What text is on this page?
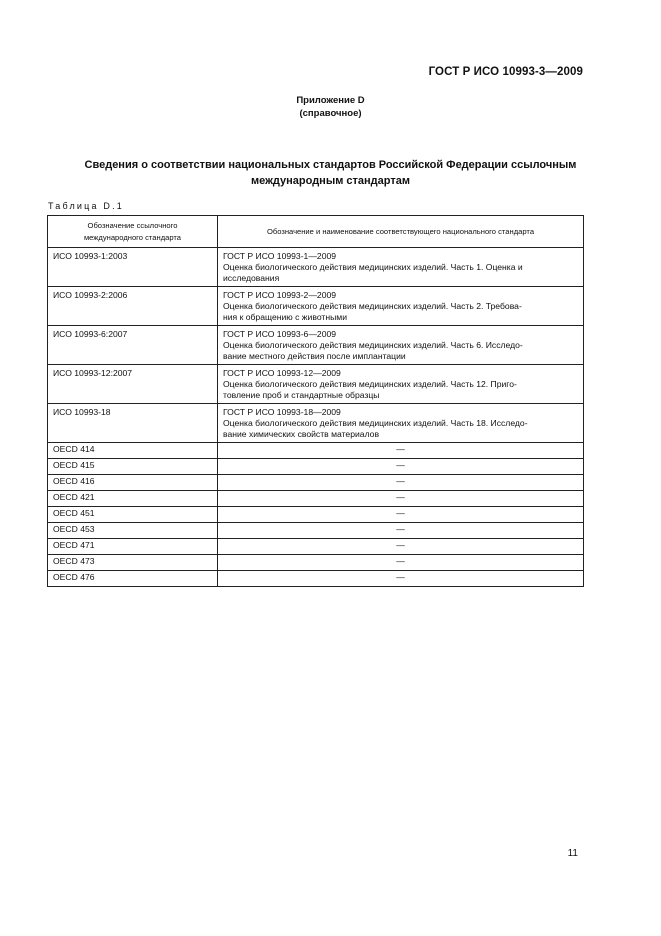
ГОСТ Р ИСО 10993-3—2009
Приложение D
(справочное)
Сведения о соответствии национальных стандартов Российской Федерации ссылочным
международным стандартам
Таблица D.1
Обозначение ссылочного
международного стандарта	Обозначение и наименование соответствующего национального стандарта

ИСО 10993-1:2003	ГОСТ Р ИСО 10993-1—2009
Оценка биологического действия медицинских изделий. Часть 1. Оценка и
исследования

ИСО 10993-2:2006	ГОСТ Р ИСО 10993-2—2009
Оценка биологического действия медицинских изделий. Часть 2. Требова-
ния к обращению с животными

ИСО 10993-6:2007	ГОСТ Р ИСО 10993-6—2009
Оценка биологического действия медицинских изделий. Часть 6. Исследо-
вание местного действия после имплантации

ИСО 10993-12:2007	ГОСТ Р ИСО 10993-12—2009
Оценка биологического действия медицинских изделий. Часть 12. Приго-
товление проб и стандартные образцы

ИСО 10993-18	ГОСТ Р ИСО 10993-18—2009
Оценка биологического действия медицинских изделий. Часть 18. Исследо-
вание химических свойств материалов

OECD 414	—
OECD 415	—
OECD 416	—
OECD 421	—
OECD 451	—
OECD 453	—
OECD 471	—
OECD 473	—
OECD 476	—
11
